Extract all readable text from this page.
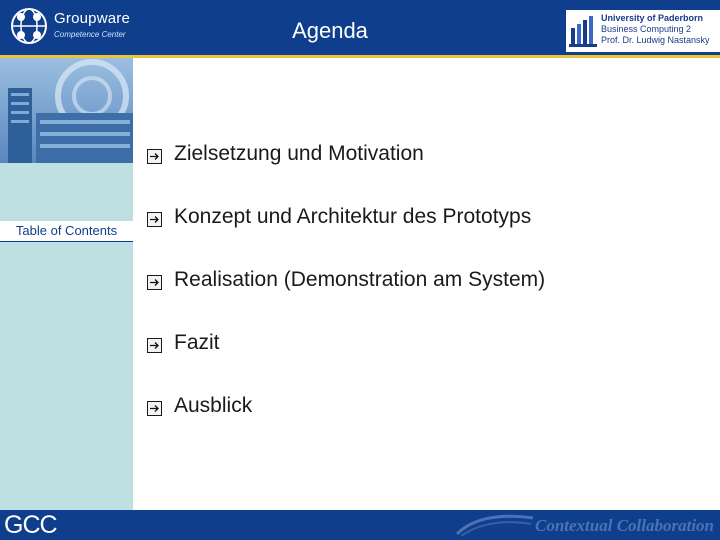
Groupware
Competence Center	Agenda	University of Paderborn
Business Computing 2
Prof. Dr. Ludwig Nastansky
Table of Contents
Zielsetzung und Motivation
Konzept und Architektur des Prototyps
Realisation (Demonstration am System)
Fazit
Ausblick
GCC	Contextual Collaboration
